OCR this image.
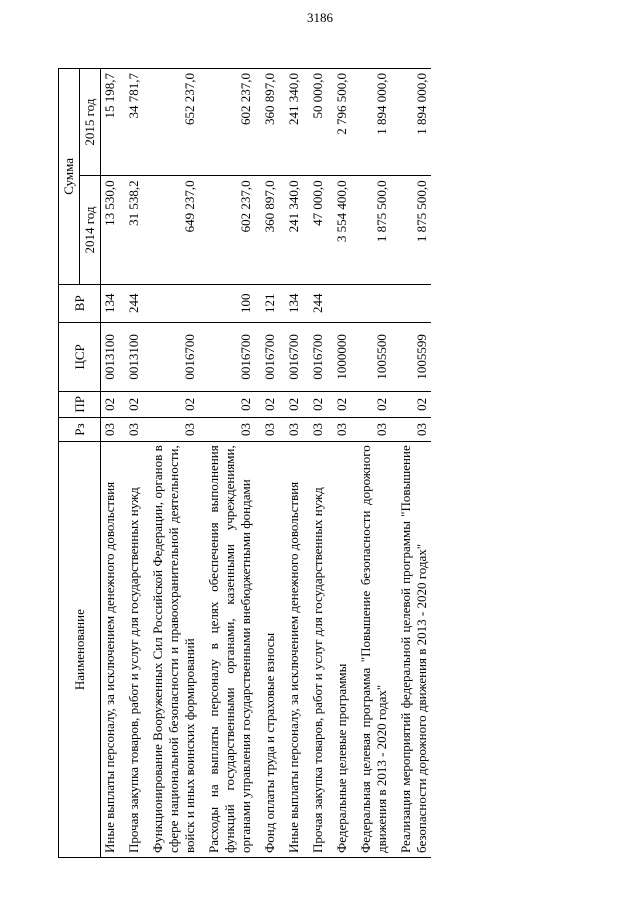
3186
Наименование	Рз	ПР	ЦСР	ВР	Сумма	
					2014 год	2015 год
Иные выплаты персоналу, за исключением денежного довольствия	03	02	0013100	134	13 530,0	15 198,7

Прочая закупка товаров, работ и услуг для государственных нужд	03	02	0013100	244	31 538,2	34 781,7

Функционирование Вооруженных Сил Российской Федерации, органов в сфере национальной безопасности и правоохранительной деятельности, войск и иных воинских формирований	03	02	0016700		649 237,0	652 237,0

Расходы на выплаты персоналу в целях обеспечения выполнения функций государственными органами, казенными учреждениями, органами управления государственными внебюджетными фондами	03	02	0016700	100	602 237,0	602 237,0

Фонд оплаты труда и страховые взносы	03	02	0016700	121	360 897,0	360 897,0

Иные выплаты персоналу, за исключением денежного довольствия	03	02	0016700	134	241 340,0	241 340,0

Прочая закупка товаров, работ и услуг для государственных нужд	03	02	0016700	244	47 000,0	50 000,0

Федеральные целевые программы	03	02	1000000		3 554 400,0	2 796 500,0

Федеральная целевая программа "Повышение безопасности дорожного движения в 2013 - 2020 годах"	03	02	1005500		1 875 500,0	1 894 000,0

Реализация мероприятий федеральной целевой программы "Повышение безопасности дорожного движения в 2013 - 2020 годах"	03	02	1005599		1 875 500,0	1 894 000,0
